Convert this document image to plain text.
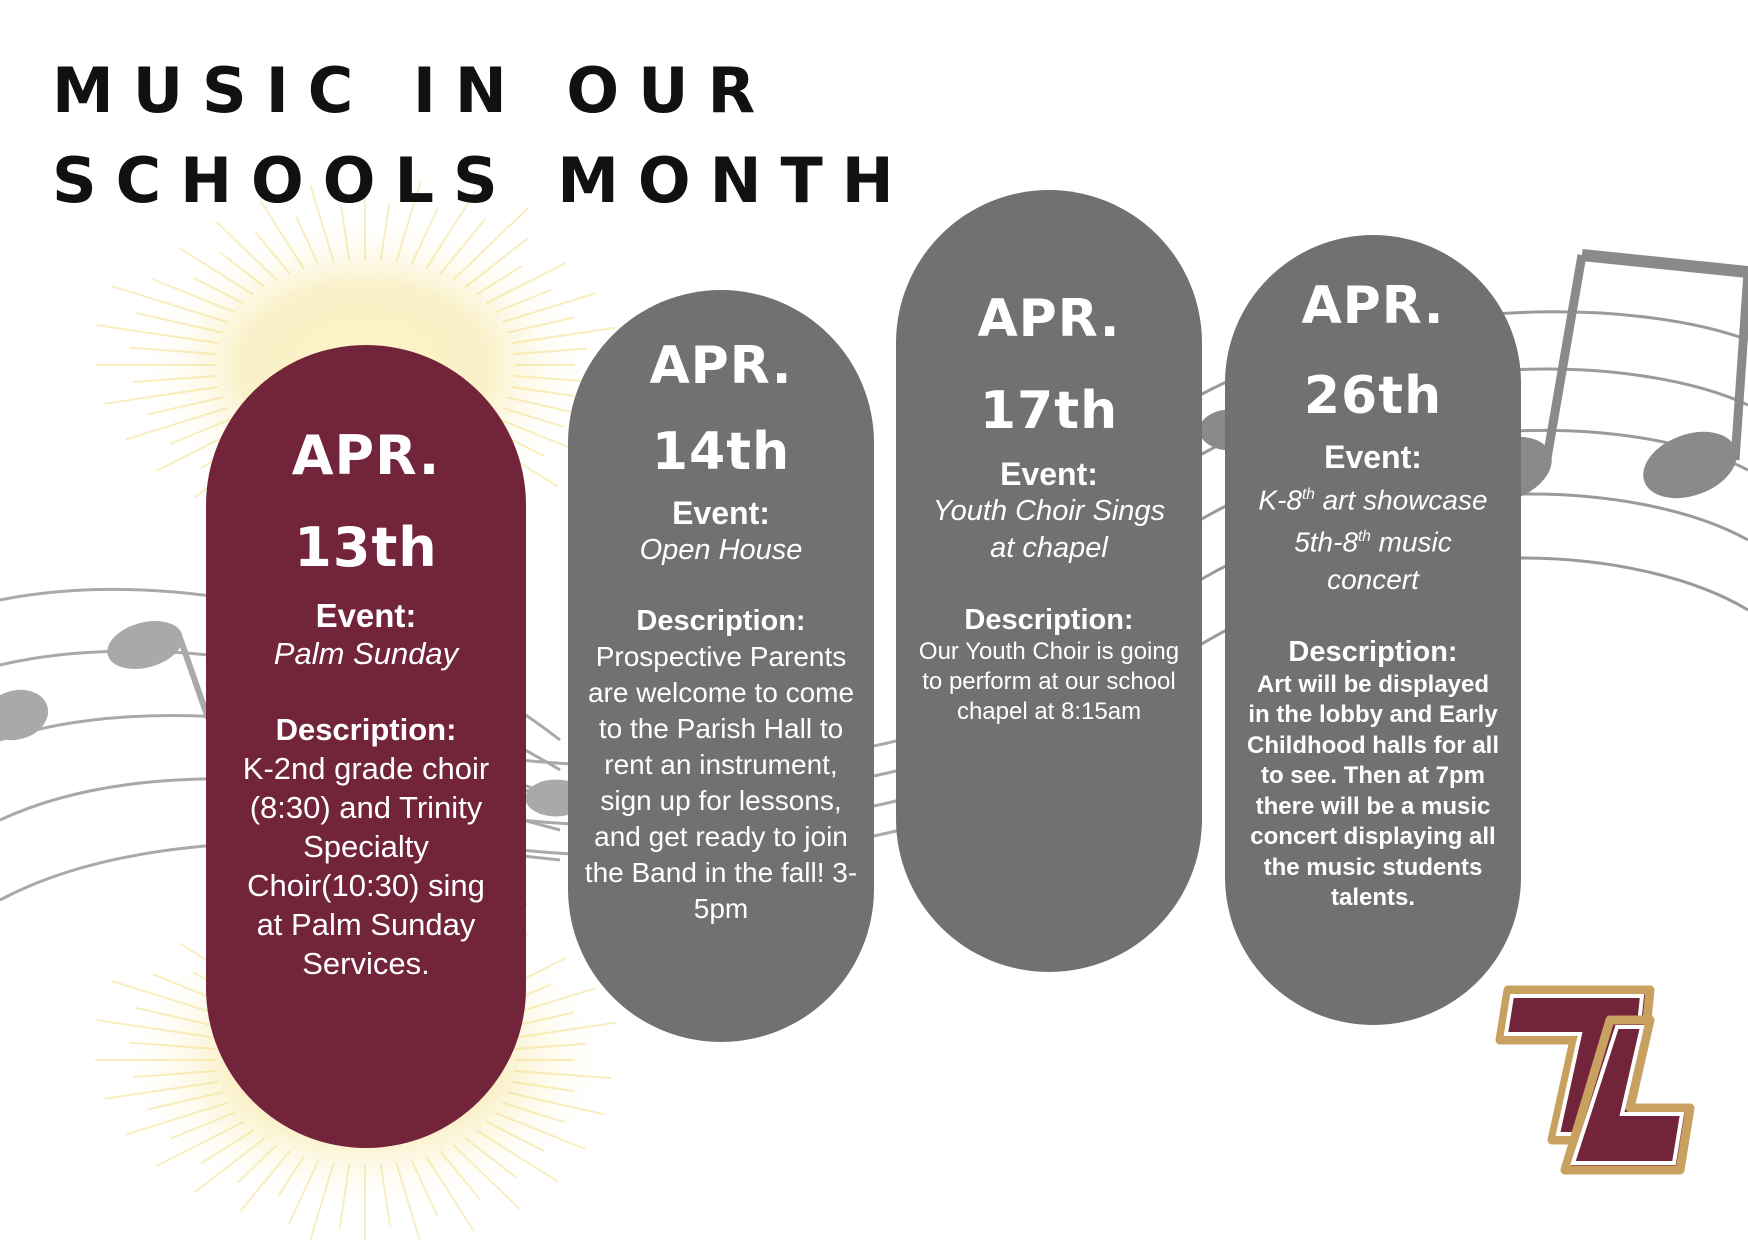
MUSIC IN OUR
SCHOOLS MONTH
APR.
13th
Event:
Palm Sunday
Description:
K-2nd grade choir (8:30) and Trinity Specialty Choir(10:30) sing at Palm Sunday Services.
APR.
14th
Event:
Open House
Description:
Prospective Parents are welcome to come to the Parish Hall to rent an instrument, sign up for lessons, and get ready to join the Band in the fall! 3-5pm
APR.
17th
Event:
Youth Choir Sings at chapel
Description:
Our Youth Choir is going to perform at our school chapel at 8:15am
APR.
26th
Event:
K-8th art showcase
5th-8th music
concert
Description:
Art will be displayed in the lobby and Early Childhood halls for all to see. Then at 7pm there will be a music concert displaying all the music students talents.
